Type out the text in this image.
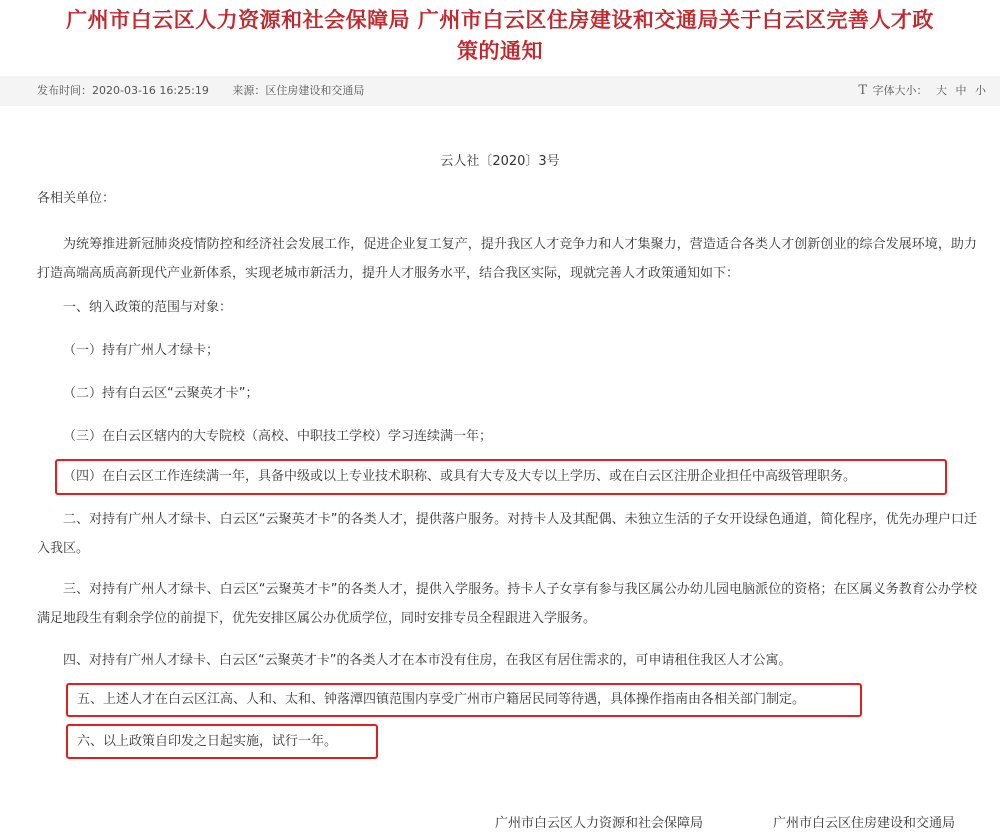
广州市白云区人力资源和社会保障局 广州市白云区住房建设和交通局关于白云区完善人才政
策的通知
发布时间：2020-03-16 16:25:19 来源：区住房建设和交通局	T 字体大小： 大 中 小
云人社〔2020〕3号
各相关单位：
为统筹推进新冠肺炎疫情防控和经济社会发展工作，促进企业复工复产，提升我区人才竞争力和人才集聚力，营造适合各类人才创新创业的综合发展环境，助力打造高端高质高新现代产业新体系，实现老城市新活力，提升人才服务水平，结合我区实际，现就完善人才政策通知如下：
一、纳入政策的范围与对象：
（一）持有广州人才绿卡；
（二）持有白云区“云聚英才卡”；
（三）在白云区辖内的大专院校（高校、中职技工学校）学习连续满一年；
（四）在白云区工作连续满一年，具备中级或以上专业技术职称、或具有大专及大专以上学历、或在白云区注册企业担任中高级管理职务。
二、对持有广州人才绿卡、白云区“云聚英才卡”的各类人才，提供落户服务。对持卡人及其配偶、未独立生活的子女开设绿色通道，简化程序，优先办理户口迁入我区。
三、对持有广州人才绿卡、白云区“云聚英才卡”的各类人才，提供入学服务。持卡人子女享有参与我区属公办幼儿园电脑派位的资格；在区属义务教育公办学校满足地段生有剩余学位的前提下，优先安排区属公办优质学位，同时安排专员全程跟进入学服务。
四、对持有广州人才绿卡、白云区“云聚英才卡”的各类人才在本市没有住房，在我区有居住需求的，可申请租住我区人才公寓。
五、上述人才在白云区江高、人和、太和、钟落潭四镇范围内享受广州市户籍居民同等待遇，具体操作指南由各相关部门制定。
六、以上政策自印发之日起实施，试行一年。
广州市白云区人力资源和社会保障局	广州市白云区住房建设和交通局
